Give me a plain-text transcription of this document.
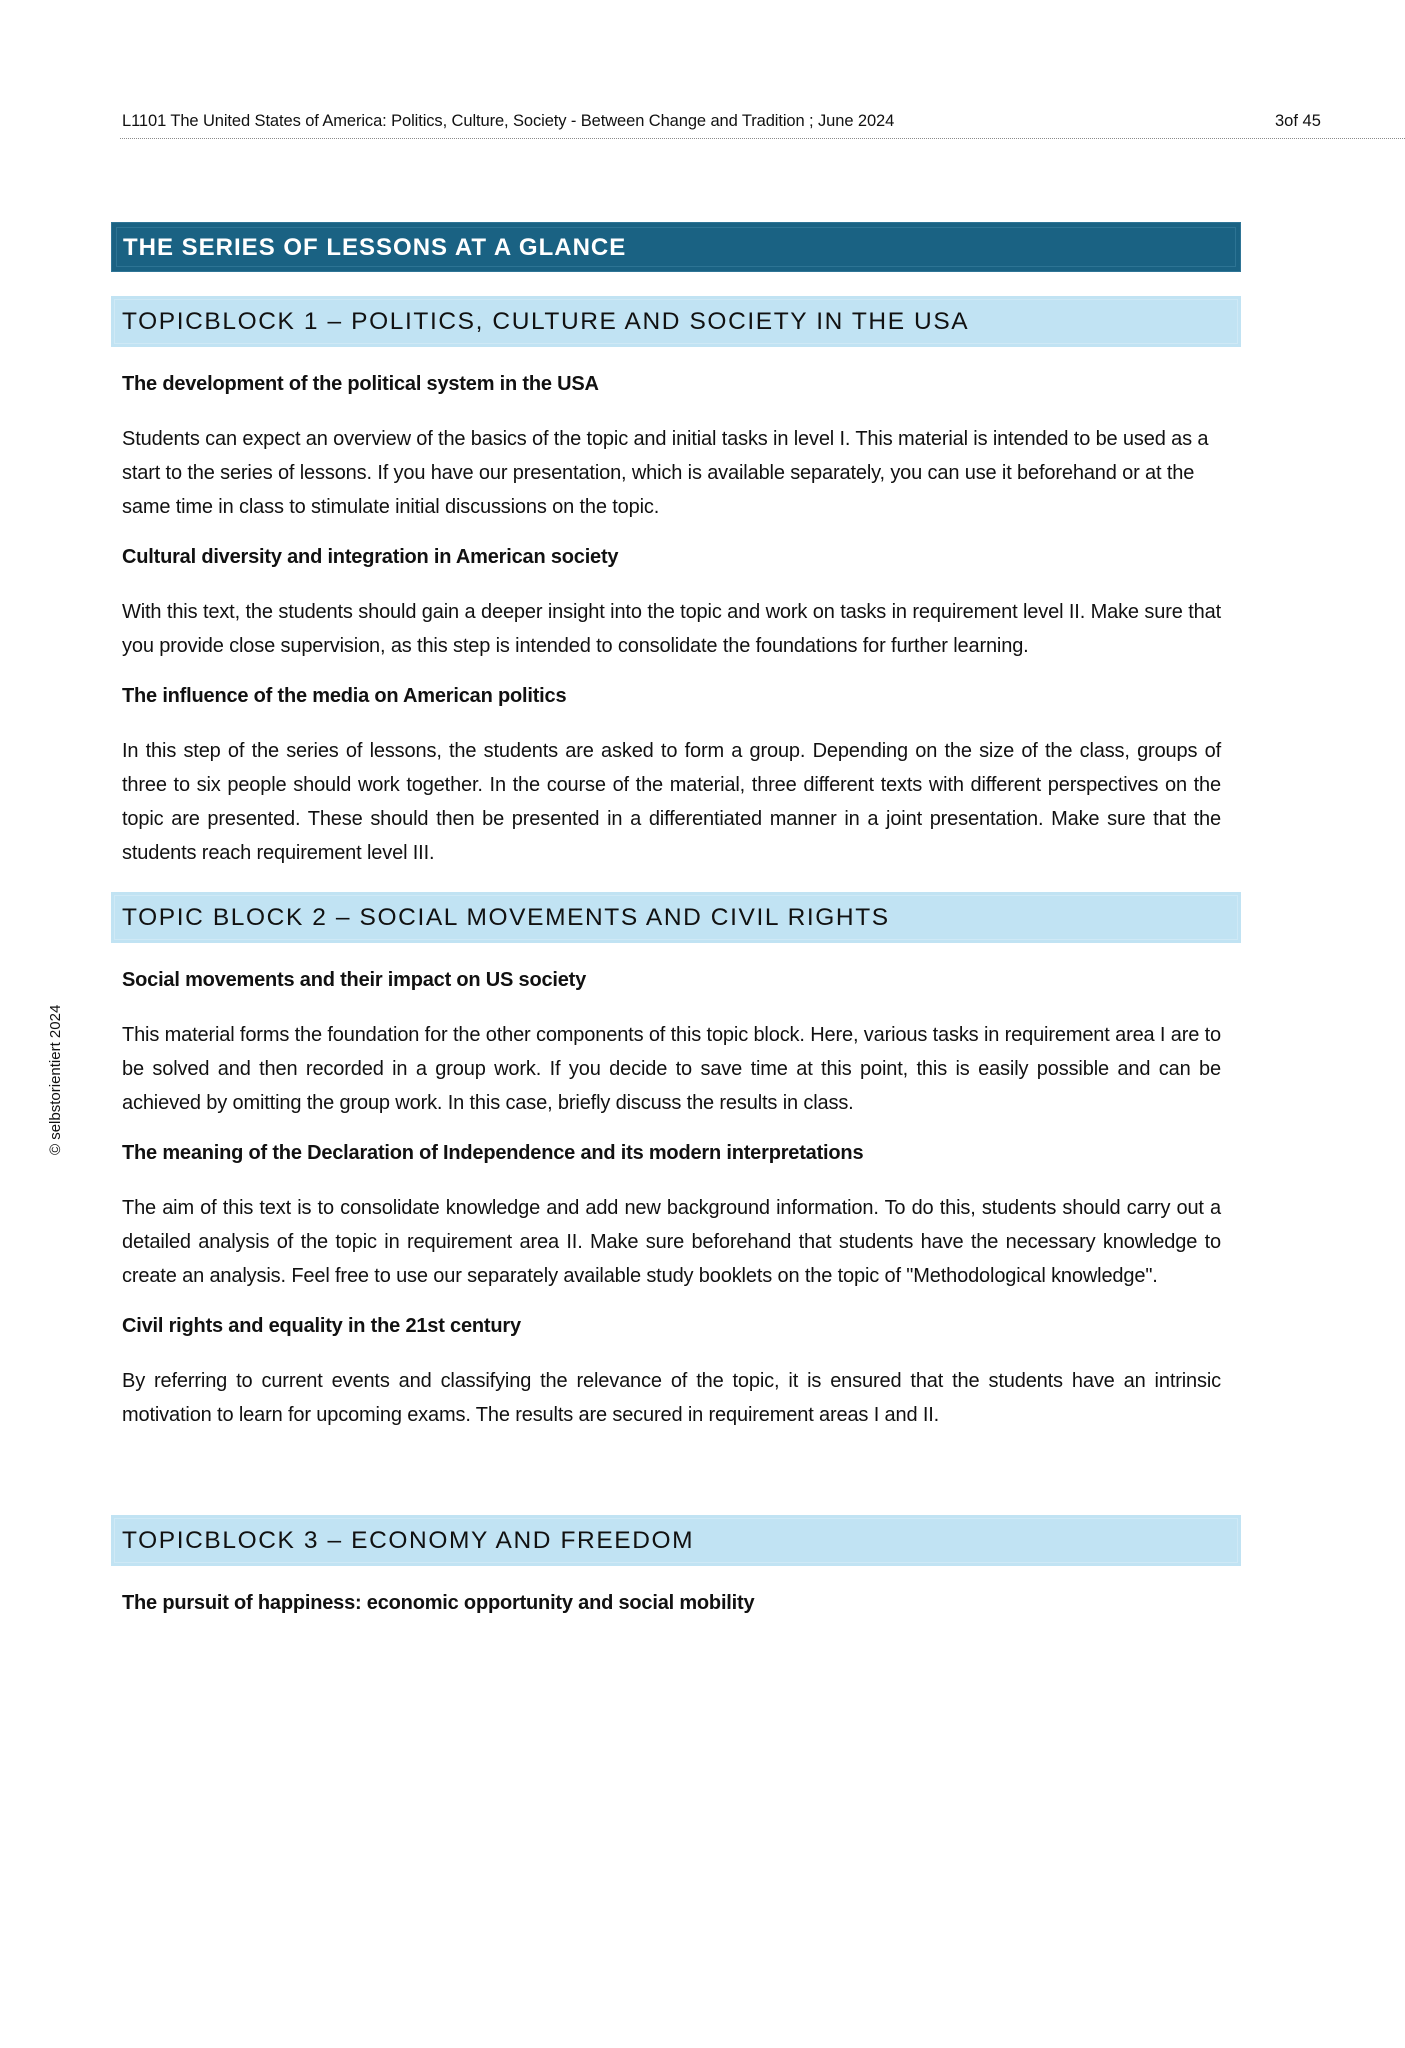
L1101 The United States of America: Politics, Culture, Society - Between Change and Tradition ; June 2024	3of 45
© selbstorientiert 2024
THE SERIES OF LESSONS AT A GLANCE
TOPICBLOCK 1 – POLITICS, CULTURE AND SOCIETY IN THE USA

The development of the political system in the USA

Students can expect an overview of the basics of the topic and initial tasks in level I. This material is intended to be used as a start to the series of lessons. If you have our presentation, which is available separately, you can use it beforehand or at the same time in class to stimulate initial discussions on the topic.

Cultural diversity and integration in American society

With this text, the students should gain a deeper insight into the topic and work on tasks in requirement level II. Make sure that you provide close supervision, as this step is intended to consolidate the foundations for further learning.

The influence of the media on American politics

In this step of the series of lessons, the students are asked to form a group. Depending on the size of the class, groups of three to six people should work together. In the course of the material, three different texts with different perspectives on the topic are presented. These should then be presented in a differentiated manner in a joint presentation. Make sure that the students reach requirement level III.

TOPIC BLOCK 2 – SOCIAL MOVEMENTS AND CIVIL RIGHTS

Social movements and their impact on US society

This material forms the foundation for the other components of this topic block. Here, various tasks in requirement area I are to be solved and then recorded in a group work. If you decide to save time at this point, this is easily possible and can be achieved by omitting the group work. In this case, briefly discuss the results in class.

The meaning of the Declaration of Independence and its modern interpretations

The aim of this text is to consolidate knowledge and add new background information. To do this, students should carry out a detailed analysis of the topic in requirement area II. Make sure beforehand that students have the necessary knowledge to create an analysis. Feel free to use our separately available study booklets on the topic of "Methodological knowledge".

Civil rights and equality in the 21st century

By referring to current events and classifying the relevance of the topic, it is ensured that the students have an intrinsic motivation to learn for upcoming exams. The results are secured in requirement areas I and II.

TOPICBLOCK 3 – ECONOMY AND FREEDOM

The pursuit of happiness: economic opportunity and social mobility
